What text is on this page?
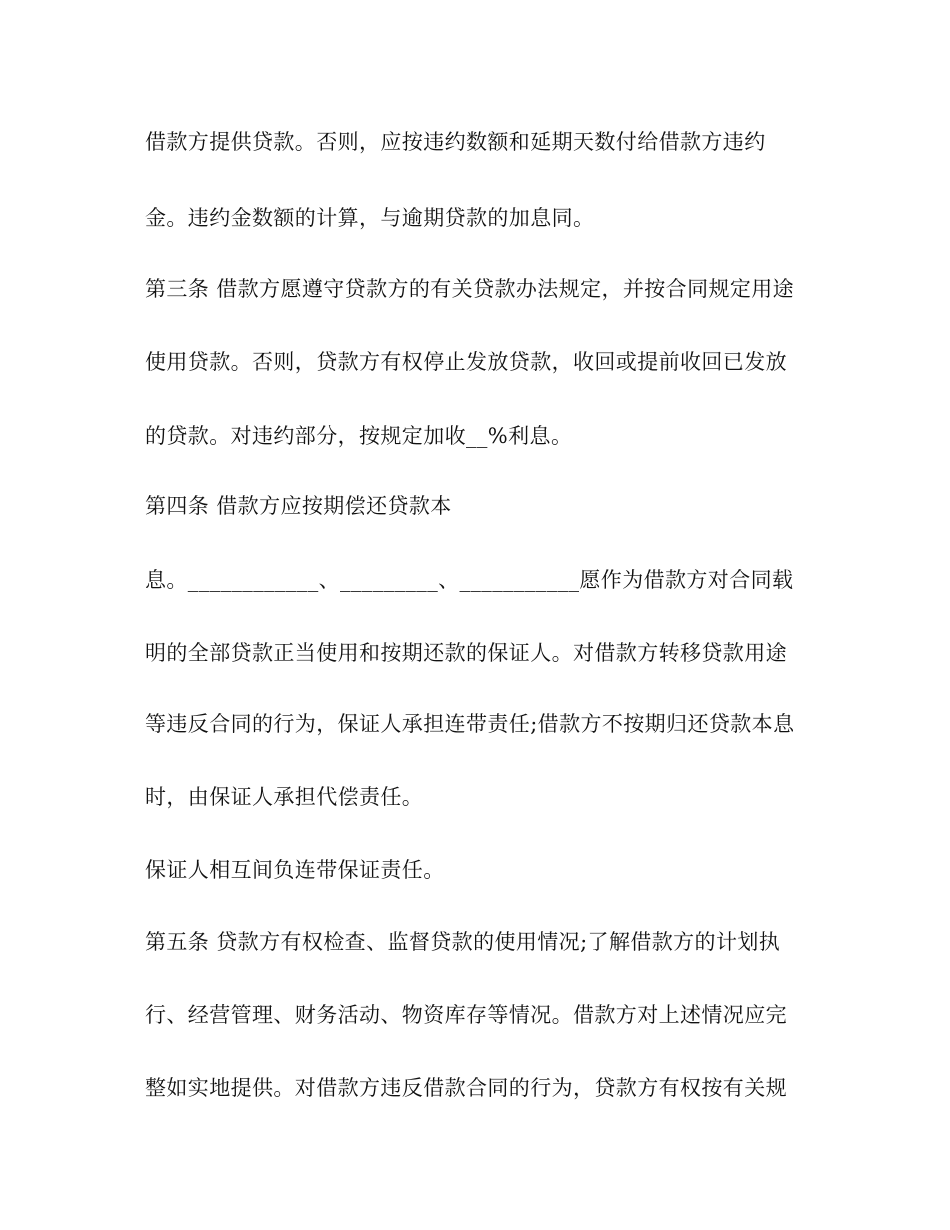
借款方提供贷款。否则，应按违约数额和延期天数付给借款方违约
金。违约金数额的计算，与逾期贷款的加息同。
第三条 借款方愿遵守贷款方的有关贷款办法规定，并按合同规定用途
使用贷款。否则，贷款方有权停止发放贷款，收回或提前收回已发放
的贷款。对违约部分，按规定加收__%利息。
第四条 借款方应按期偿还贷款本
息。____________、_________、___________愿作为借款方对合同载
明的全部贷款正当使用和按期还款的保证人。对借款方转移贷款用途
等违反合同的行为，保证人承担连带责任;借款方不按期归还贷款本息
时，由保证人承担代偿责任。
保证人相互间负连带保证责任。
第五条 贷款方有权检查、监督贷款的使用情况;了解借款方的计划执
行、经营管理、财务活动、物资库存等情况。借款方对上述情况应完
整如实地提供。对借款方违反借款合同的行为，贷款方有权按有关规
